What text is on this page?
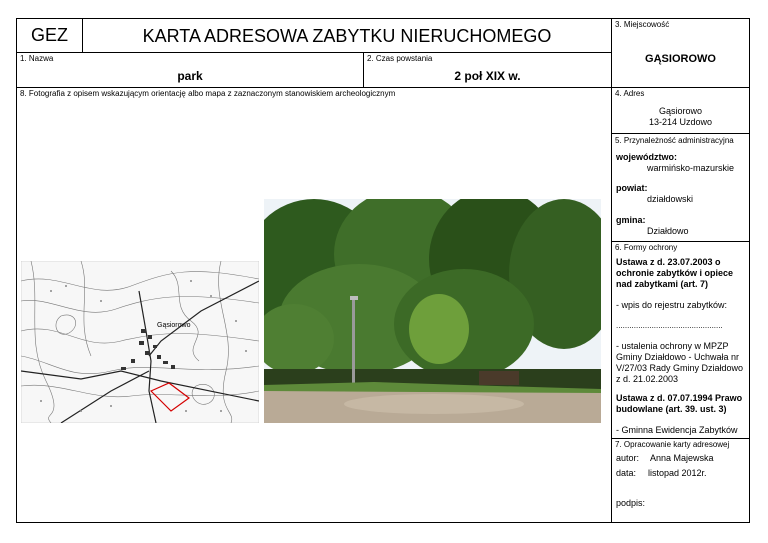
GEZ	KARTA ADRESOWA ZABYTKU NIERUCHOMEGO
1. Nazwa
park
2. Czas powstania
2 poł XIX w.
3. Miejscowość
GĄSIOROWO
8. Fotografia z opisem wskazującym orientację albo mapa z zaznaczonym stanowiskiem archeologicznym
Gąsiorowo
4. Adres
Gąsiorowo
13-214 Uzdowo
5. Przynależność administracyjna
województwo:
warmińsko-mazurskie
powiat:
działdowski
gmina:
Działdowo
6. Formy ochrony
Ustawa z d. 23.07.2003 o ochronie zabytków i opiece nad zabytkami (art. 7)
- wpis do rejestru zabytków:
................................................
- ustalenia ochrony w MPZP Gminy Działdowo - Uchwała nr V/27/03 Rady Gminy Działdowo z d. 21.02.2003
Ustawa z d. 07.07.1994 Prawo budowlane (art. 39. ust. 3)
- Gminna Ewidencja Zabytków
7. Opracowanie karty adresowej
autor: Anna Majewska
data: listopad 2012r.
podpis:
